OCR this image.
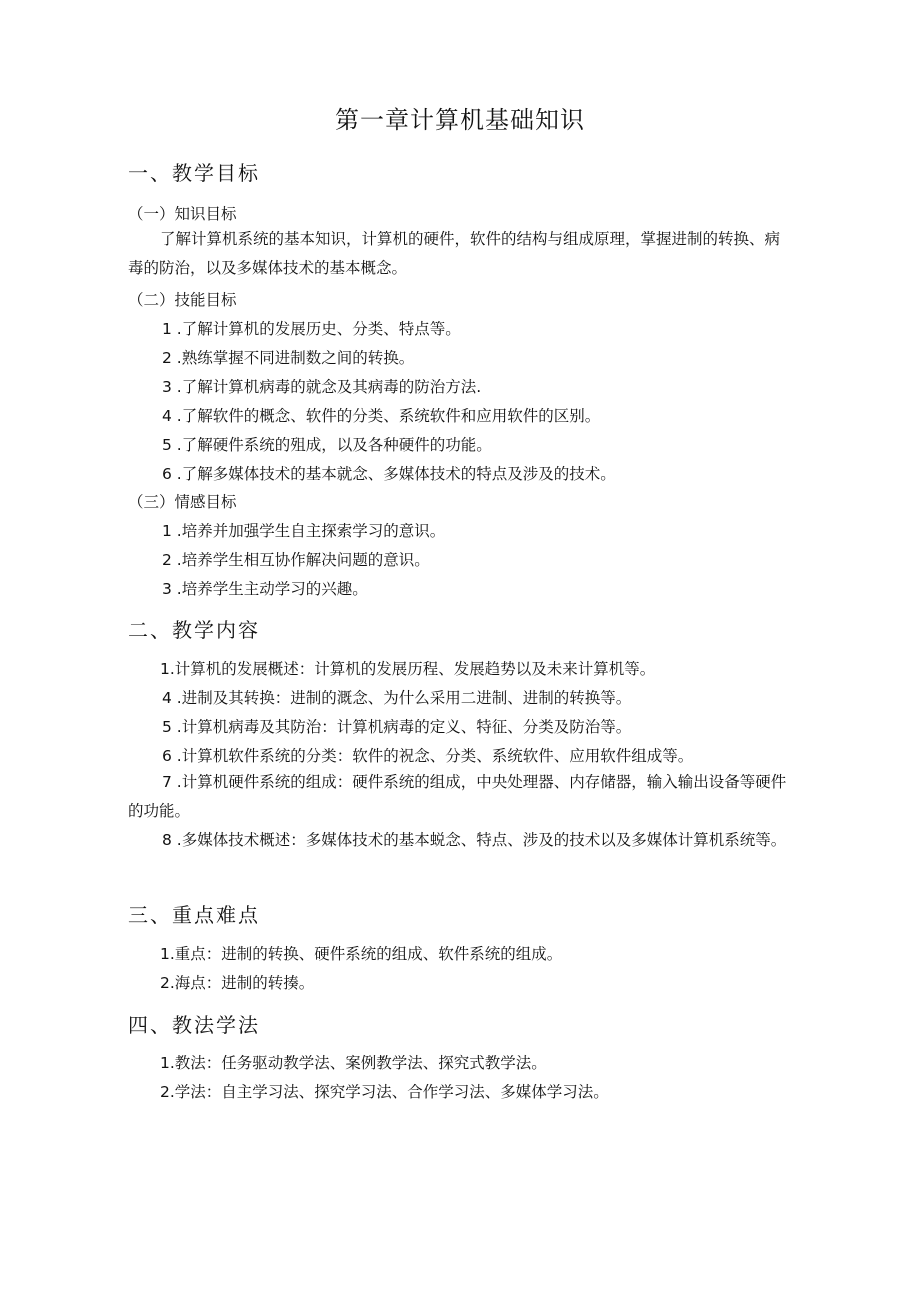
第一章计算机基础知识
一、教学目标
（一）知识目标
了解计算机系统的基本知识，计算机的硬件，软件的结构与组成原理，掌握进制的转换、病毒的防治，以及多媒体技术的基本概念。
（二）技能目标
1 .了解计算机的发展历史、分类、特点等。
2 .熟练掌握不同进制数之间的转换。
3 .了解计算机病毒的就念及其病毒的防治方法.
4 .了解软件的概念、软件的分类、系统软件和应用软件的区别。
5 .了解硬件系统的殂成，以及各种硬件的功能。
6 .了解多媒体技术的基本就念、多媒体技术的特点及涉及的技术。
（三）情感目标
1 .培养并加强学生自主探索学习的意识。
2 .培养学生相互协作解决问题的意识。
3 .培养学生主动学习的兴趣。
二、教学内容
1.计算机的发展概述：计算机的发展历程、发展趋势以及未来计算机等。
4 .进制及其转换：进制的溉念、为什么采用二进制、进制的转换等。
5 .计算机病毒及其防治：计算机病毒的定义、特征、分类及防治等。
6 .计算机软件系统的分类：软件的祝念、分类、系统软件、应用软件组成等。
7 .计算机硬件系统的组成：硬件系统的组成，中央处理器、内存储器，输入输出设备等硬件的功能。
8 .多媒体技术概述：多媒体技术的基本蜕念、特点、涉及的技术以及多媒体计算机系统等。
三、重点难点
1.重点：进制的转换、硬件系统的组成、软件系统的组成。
2.海点：进制的转揍。
四、教法学法
1.教法：任务驱动教学法、案例教学法、探究式教学法。
2.学法：自主学习法、探究学习法、合作学习法、多媒体学习法。
